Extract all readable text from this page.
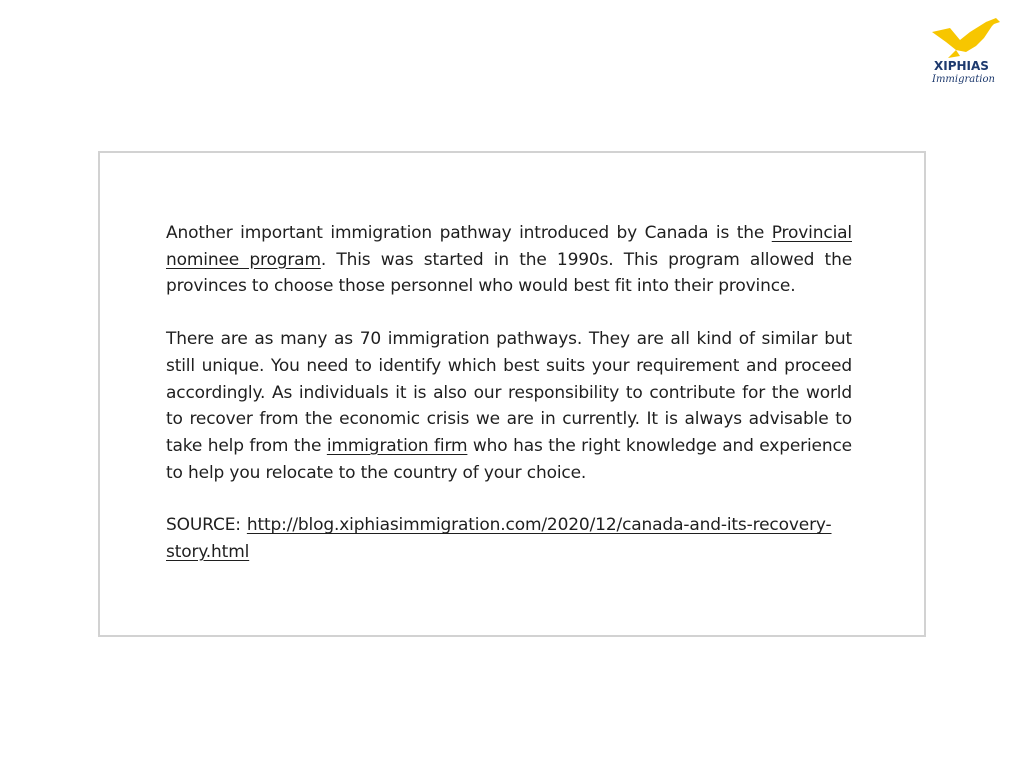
XIPHIAS
Immigration

Another important immigration pathway introduced by Canada is the Provincial nominee program. This was started in the 1990s. This program allowed the provinces to choose those personnel who would best fit into their province.

There are as many as 70 immigration pathways. They are all kind of similar but still unique. You need to identify which best suits your requirement and proceed accordingly. As individuals it is also our responsibility to contribute for the world to recover from the economic crisis we are in currently. It is always advisable to take help from the immigration firm who has the right knowledge and experience to help you relocate to the country of your choice.

SOURCE: http://blog.xiphiasimmigration.com/2020/12/canada-and-its-recovery-story.html
